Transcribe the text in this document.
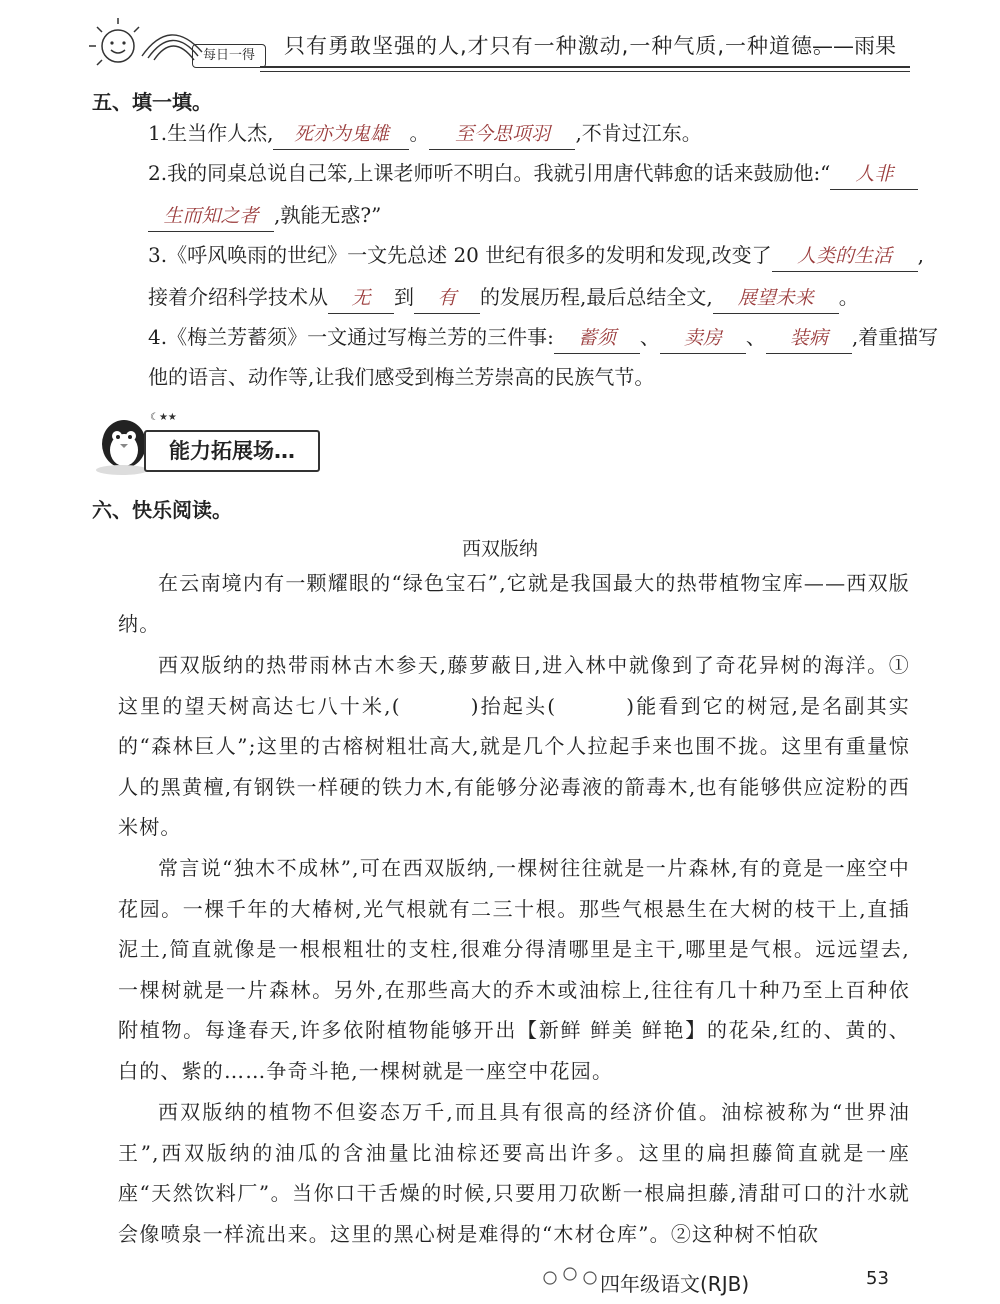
每日一得	只有勇敢坚强的人,才只有一种激动,一种气质,一种道德。
——雨果
五、填一填。
1.生当作人杰, 死亦为鬼雄 。 至今思项羽 ,不肯过江东。
2.我的同桌总说自己笨,上课老师听不明白。我就引用唐代韩愈的话来鼓励他:“ 人非
生而知之者 ,孰能无惑?”
3.《呼风唤雨的世纪》一文先总述 20 世纪有很多的发明和发现,改变了 人类的生活 ,
接着介绍科学技术从 无 到 有 的发展历程,最后总结全文, 展望未来 。
4.《梅兰芳蓄须》一文通过写梅兰芳的三件事: 蓄须 、 卖房 、 装病 ,着重描写
他的语言、动作等,让我们感受到梅兰芳崇高的民族气节。
☾★★
能力拓展场…
六、快乐阅读。
西双版纳
在云南境内有一颗耀眼的“绿色宝石”,它就是我国最大的热带植物宝库——西双版纳。
西双版纳的热带雨林古木参天,藤萝蔽日,进入林中就像到了奇花异树的海洋。①这里的望天树高达七八十米,(	)抬起头(	)能看到它的树冠,是名副其实的“森林巨人”;这里的古榕树粗壮高大,就是几个人拉起手来也围不拢。这里有重量惊人的黑黄檀,有钢铁一样硬的铁力木,有能够分泌毒液的箭毒木,也有能够供应淀粉的西米树。
常言说“独木不成林”,可在西双版纳,一棵树往往就是一片森林,有的竟是一座空中花园。一棵千年的大椿树,光气根就有二三十根。那些气根悬生在大树的枝干上,直插泥土,简直就像是一根根粗壮的支柱,很难分得清哪里是主干,哪里是气根。远远望去,一棵树就是一片森林。另外,在那些高大的乔木或油棕上,往往有几十种乃至上百种依附植物。每逢春天,许多依附植物能够开出【新鲜 鲜美 鲜艳】的花朵,红的、黄的、白的、紫的……争奇斗艳,一棵树就是一座空中花园。
西双版纳的植物不但姿态万千,而且具有很高的经济价值。油棕被称为“世界油王”,西双版纳的油瓜的含油量比油棕还要高出许多。这里的扁担藤简直就是一座座“天然饮料厂”。当你口干舌燥的时候,只要用刀砍断一根扁担藤,清甜可口的汁水就会像喷泉一样流出来。这里的黑心树是难得的“木材仓库”。②这种树不怕砍
四年级语文(RJB)	53
